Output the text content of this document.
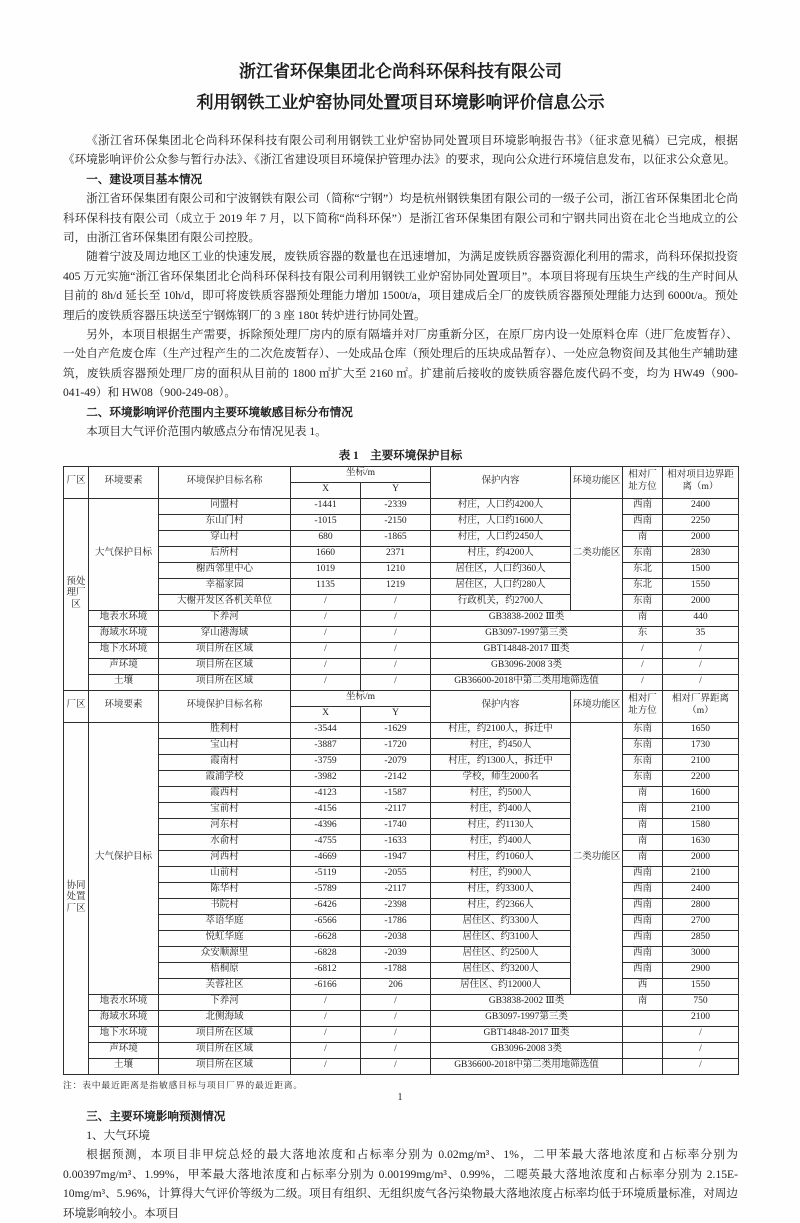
浙江省环保集团北仑尚科环保科技有限公司
利用钢铁工业炉窑协同处置项目环境影响评价信息公示

《浙江省环保集团北仑尚科环保科技有限公司利用钢铁工业炉窑协同处置项目环境影响报告书》（征求意见稿）已完成，根据《环境影响评价公众参与暂行办法》、《浙江省建设项目环境保护管理办法》的要求，现向公众进行环境信息发布，以征求公众意见。

一、建设项目基本情况

浙江省环保集团有限公司和宁波钢铁有限公司（简称“宁钢”）均是杭州钢铁集团有限公司的一级子公司，浙江省环保集团北仑尚科环保科技有限公司（成立于 2019 年 7 月，以下简称“尚科环保”）是浙江省环保集团有限公司和宁钢共同出资在北仑当地成立的公司，由浙江省环保集团有限公司控股。

随着宁波及周边地区工业的快速发展，废铁质容器的数量也在迅速增加，为满足废铁质容器资源化利用的需求，尚科环保拟投资405 万元实施“浙江省环保集团北仑尚科环保科技有限公司利用钢铁工业炉窑协同处置项目”。本项目将现有压块生产线的生产时间从目前的 8h/d 延长至 10h/d，即可将废铁质容器预处理能力增加 1500t/a，项目建成后全厂的废铁质容器预处理能力达到 6000t/a。预处理后的废铁质容器压块送至宁钢炼钢厂的 3 座 180t 转炉进行协同处置。

另外，本项目根据生产需要，拆除预处理厂房内的原有隔墙并对厂房重新分区，在原厂房内设一处原料仓库（进厂危废暂存）、一处自产危废仓库（生产过程产生的二次危废暂存）、一处成品仓库（预处理后的压块成品暂存）、一处应急物资间及其他生产辅助建筑，废铁质容器预处理厂房的面积从目前的 1800 ㎡扩大至 2160 ㎡。扩建前后接收的废铁质容器危废代码不变，均为 HW49（900-041-49）和 HW08（900-249-08）。

二、环境影响评价范围内主要环境敏感目标分布情况

本项目大气评价范围内敏感点分布情况见表 1。

表 1　主要环境保护目标
厂区	环境要素	环境保护目标名称	坐标/m		保护内容	环境功能区	相对厂址方位	相对项目边界距离（m）
			X	Y				
预处理厂区	大气保护目标	同盟村	-1441	-2339	村庄，人口约4200人	二类功能区	西南	2400
		东山门村	-1015	-2150	村庄，人口约1600人		西南	2250
		穿山村	680	-1865	村庄，人口约2450人		南	2000
		后所村	1660	2371	村庄，约4200人		东南	2830
		榭西邻里中心	1019	1210	居住区，人口约360人		东北	1500
		幸福家园	1135	1219	居住区，人口约280人		东北	1550
		大榭开发区各机关单位	/	/	行政机关，约2700人		东南	2000
	地表水环境	下养河	/	/	GB3838-2002 Ⅲ类		南	440
	海域水环境	穿山港海域	/	/	GB3097-1997第三类		东	35
	地下水环境	项目所在区域	/	/	GBT14848-2017 Ⅲ类		/	/
	声环境	项目所在区域	/	/	GB3096-2008 3类		/	/
	土壤	项目所在区域	/	/	GB36600-2018中第二类用地筛选值		/	/
厂区	环境要素	环境保护目标名称	坐标/m		保护内容	环境功能区	相对厂址方位	相对厂界距离（m）
			X	Y				
协同处置厂区	大气保护目标	胜利村	-3544	-1629	村庄，约2100人，拆迁中	二类功能区	东南	1650
		宝山村	-3887	-1720	村庄，约450人		东南	1730
		霞南村	-3759	-2079	村庄，约1300人，拆迁中		东南	2100
		霞浦学校	-3982	-2142	学校，师生2000名		东南	2200
		霞西村	-4123	-1587	村庄，约500人		南	1600
		宝前村	-4156	-2117	村庄，约400人		南	2100
		河东村	-4396	-1740	村庄，约1130人		南	1580
		水俞村	-4755	-1633	村庄，约400人		南	1630
		河西村	-4669	-1947	村庄，约1060人		南	2000
		山前村	-5119	-2055	村庄，约900人		西南	2100
		陈华村	-5789	-2117	村庄，约3300人		西南	2400
		书院村	-6426	-2398	村庄，约2366人		西南	2800
		萃语华庭	-6566	-1786	居住区、约3300人		西南	2700
		悦虹华庭	-6628	-2038	居住区、约3100人		西南	2850
		众安顺源里	-6828	-2039	居住区、约2500人		西南	3000
		梧桐原	-6812	-1788	居住区、约3200人		西南	2900
		芙蓉社区	-6166	206	居住区、约12000人		西	1550
	地表水环境	下养河	/	/	GB3838-2002 Ⅲ类		南	750
	海域水环境	北侧海域	/	/	GB3097-1997第三类			2100
	地下水环境	项目所在区域	/	/	GBT14848-2017 Ⅲ类			/
	声环境	项目所在区域	/	/	GB3096-2008 3类			/
	土壤	项目所在区域	/	/	GB36600-2018中第二类用地筛选值			/

注：表中最近距离是指敏感目标与项目厂界的最近距离。

三、主要环境影响预测情况

1、大气环境

根据预测，本项目非甲烷总烃的最大落地浓度和占标率分别为 0.02mg/m³、1%，二甲苯最大落地浓度和占标率分别为 0.00397mg/m³、1.99%，甲苯最大落地浓度和占标率分别为 0.00199mg/m³、0.99%，二噁英最大落地浓度和占标率分别为 2.15E-10mg/m³、5.96%，计算得大气评价等级为二级。项目有组织、无组织废气各污染物最大落地浓度占标率均低于环境质量标准，对周边环境影响较小。本项目

1
